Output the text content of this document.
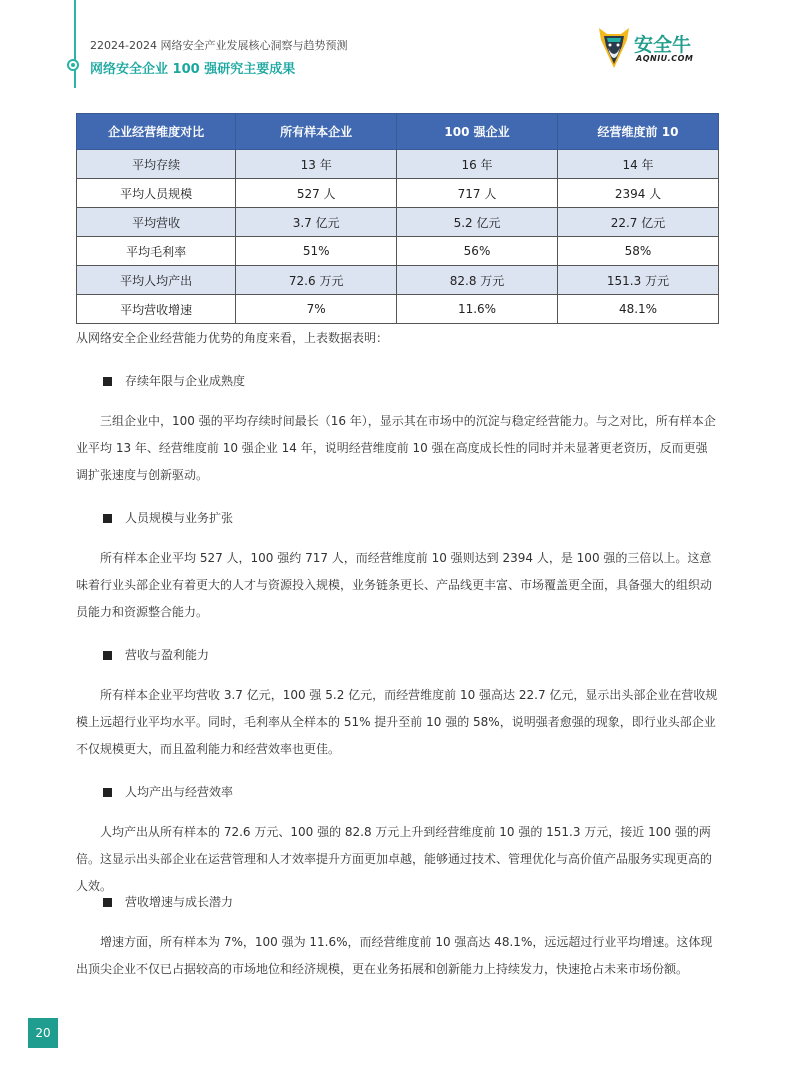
22024-2024 网络安全产业发展核心洞察与趋势预测
网络安全企业 100 强研究主要成果
安全牛
AQNIU.COM
企业经营维度对比	所有样本企业	100 强企业	经营维度前 10
平均存续	13 年	16 年	14 年
平均人员规模	527 人	717 人	2394 人
平均营收	3.7 亿元	5.2 亿元	22.7 亿元
平均毛利率	51%	56%	58%
平均人均产出	72.6 万元	82.8 万元	151.3 万元
平均营收增速	7%	11.6%	48.1%
从网络安全企业经营能力优势的角度来看，上表数据表明：
存续年限与企业成熟度
三组企业中，100 强的平均存续时间最长（16 年），显示其在市场中的沉淀与稳定经营能力。与之对比，所有样本企业平均 13 年、经营维度前 10 强企业 14 年，说明经营维度前 10 强在高度成长性的同时并未显著更老资历，反而更强调扩张速度与创新驱动。
人员规模与业务扩张
所有样本企业平均 527 人，100 强约 717 人，而经营维度前 10 强则达到 2394 人，是 100 强的三倍以上。这意味着行业头部企业有着更大的人才与资源投入规模，业务链条更长、产品线更丰富、市场覆盖更全面，具备强大的组织动员能力和资源整合能力。
营收与盈利能力
所有样本企业平均营收 3.7 亿元，100 强 5.2 亿元，而经营维度前 10 强高达 22.7 亿元，显示出头部企业在营收规模上远超行业平均水平。同时，毛利率从全样本的 51% 提升至前 10 强的 58%，说明强者愈强的现象，即行业头部企业不仅规模更大，而且盈利能力和经营效率也更佳。
人均产出与经营效率
人均产出从所有样本的 72.6 万元、100 强的 82.8 万元上升到经营维度前 10 强的 151.3 万元，接近 100 强的两倍。这显示出头部企业在运营管理和人才效率提升方面更加卓越，能够通过技术、管理优化与高价值产品服务实现更高的人效。
营收增速与成长潜力
增速方面，所有样本为 7%，100 强为 11.6%，而经营维度前 10 强高达 48.1%，远远超过行业平均增速。这体现出顶尖企业不仅已占据较高的市场地位和经济规模，更在业务拓展和创新能力上持续发力，快速抢占未来市场份额。
20
